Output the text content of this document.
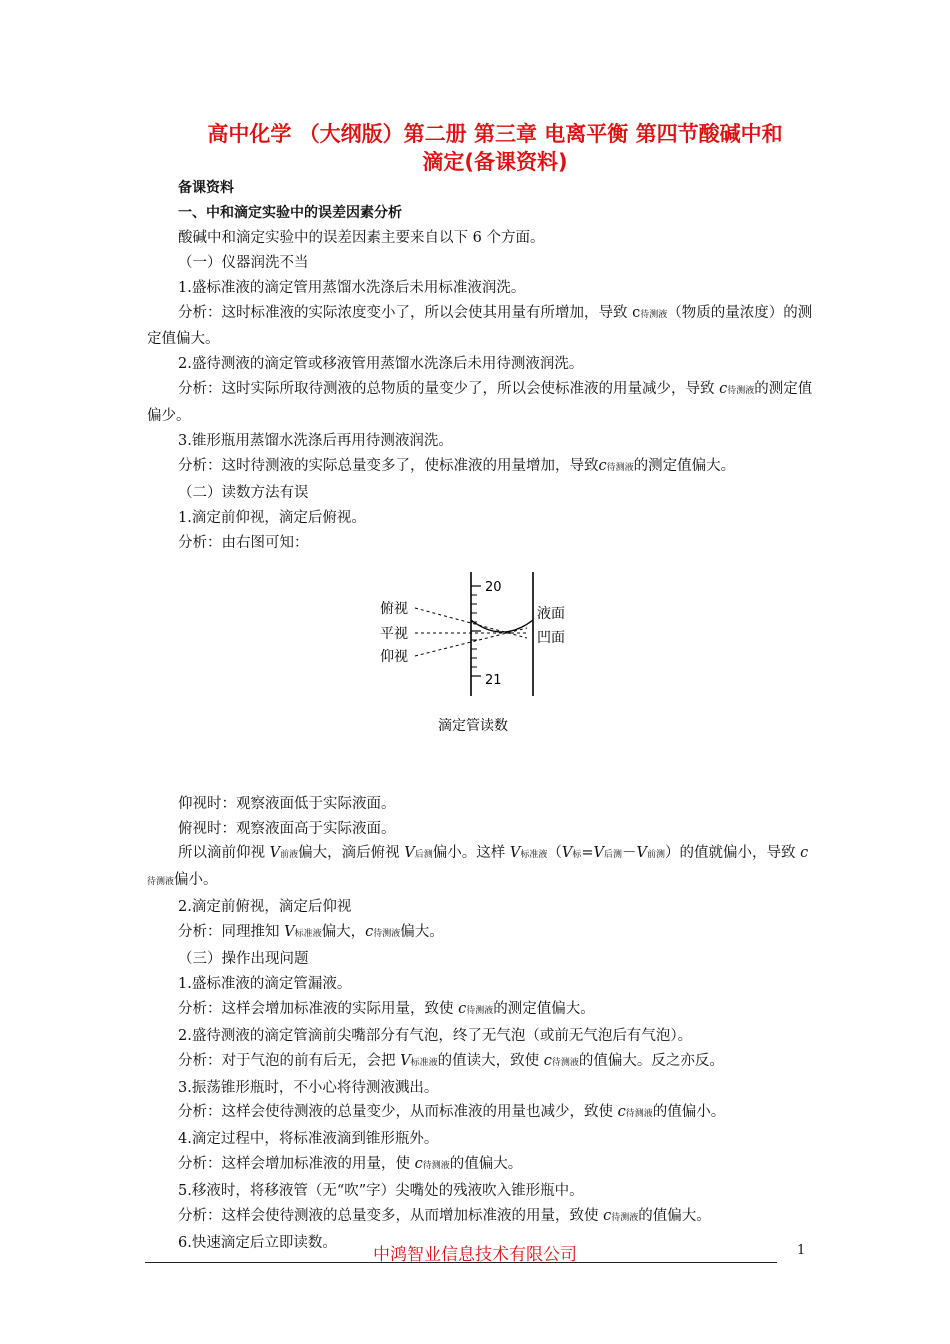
高中化学 （大纲版）第二册 第三章 电离平衡 第四节酸碱中和
滴定(备课资料)

备课资料

一、中和滴定实验中的误差因素分析

酸碱中和滴定实验中的误差因素主要来自以下 6 个方面。

（一）仪器润洗不当

1.盛标准液的滴定管用蒸馏水洗涤后未用标准液润洗。

分析：这时标准液的实际浓度变小了，所以会使其用量有所增加，导致 c待测液（物质的量浓度）的测定值偏大。

2.盛待测液的滴定管或移液管用蒸馏水洗涤后未用待测液润洗。

分析：这时实际所取待测液的总物质的量变少了，所以会使标准液的用量减少，导致 c待测液的测定值偏少。

3.锥形瓶用蒸馏水洗涤后再用待测液润洗。

分析：这时待测液的实际总量变多了，使标准液的用量增加，导致c待测液的测定值偏大。

（二）读数方法有误

1.滴定前仰视，滴定后俯视。

分析：由右图可知：

20
21
俯视
平视
仰视
液面
凹面
滴定管读数

仰视时：观察液面低于实际液面。

俯视时：观察液面高于实际液面。

所以滴前仰视 V前液偏大，滴后俯视 V后测偏小。这样 V标准液（V标=V后测－V前测）的值就偏小，导致 c待测液偏小。

2.滴定前俯视，滴定后仰视

分析：同理推知 V标准液偏大，c待测液偏大。

（三）操作出现问题

1.盛标准液的滴定管漏液。

分析：这样会增加标准液的实际用量，致使 c待测液的测定值偏大。

2.盛待测液的滴定管滴前尖嘴部分有气泡，终了无气泡（或前无气泡后有气泡）。

分析：对于气泡的前有后无，会把 V标准液的值读大，致使 c待测液的值偏大。反之亦反。

3.振荡锥形瓶时，不小心将待测液溅出。

分析：这样会使待测液的总量变少，从而标准液的用量也减少，致使 c待测液的值偏小。

4.滴定过程中，将标准液滴到锥形瓶外。

分析：这样会增加标准液的用量，使 c待测液的值偏大。

5.移液时，将移液管（无“吹”字）尖嘴处的残液吹入锥形瓶中。

分析：这样会使待测液的总量变多，从而增加标准液的用量，致使 c待测液的值偏大。

6.快速滴定后立即读数。

中鸿智业信息技术有限公司	1
